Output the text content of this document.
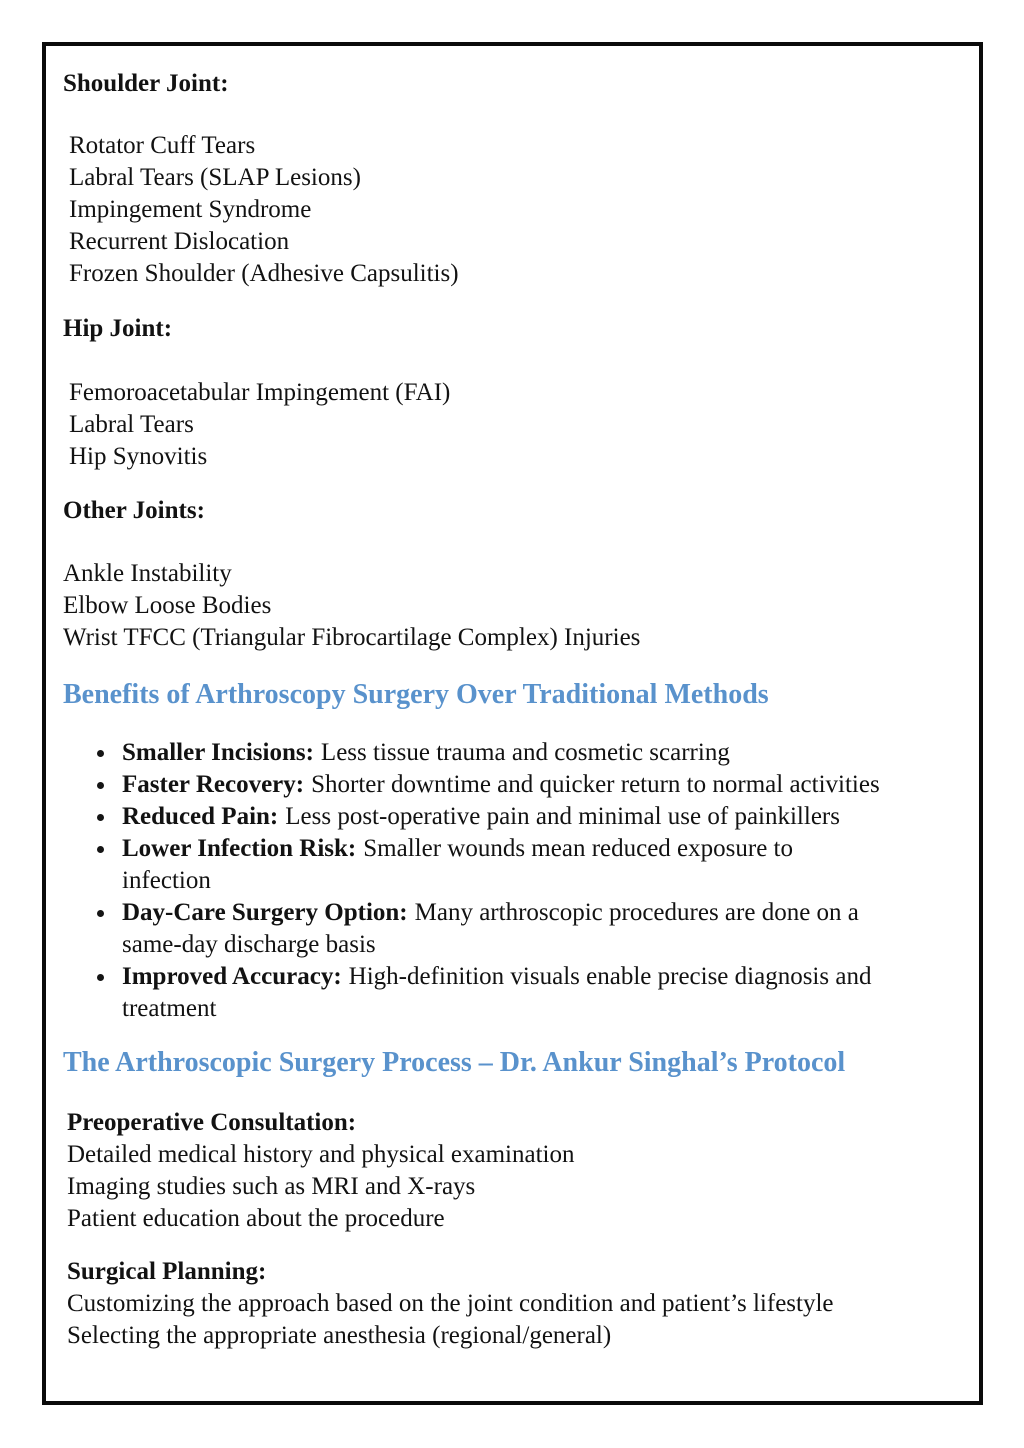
Shoulder Joint:
Rotator Cuff Tears
Labral Tears (SLAP Lesions)
Impingement Syndrome
Recurrent Dislocation
Frozen Shoulder (Adhesive Capsulitis)
Hip Joint:
Femoroacetabular Impingement (FAI)
Labral Tears
Hip Synovitis
Other Joints:
Ankle Instability
Elbow Loose Bodies
Wrist TFCC (Triangular Fibrocartilage Complex) Injuries
Benefits of Arthroscopy Surgery Over Traditional Methods
Smaller Incisions: Less tissue trauma and cosmetic scarring
Faster Recovery: Shorter downtime and quicker return to normal activities
Reduced Pain: Less post-operative pain and minimal use of painkillers
Lower Infection Risk: Smaller wounds mean reduced exposure to
infection
Day-Care Surgery Option: Many arthroscopic procedures are done on a
same-day discharge basis
Improved Accuracy: High-definition visuals enable precise diagnosis and
treatment
The Arthroscopic Surgery Process – Dr. Ankur Singhal’s Protocol
Preoperative Consultation:
Detailed medical history and physical examination
Imaging studies such as MRI and X-rays
Patient education about the procedure
Surgical Planning:
Customizing the approach based on the joint condition and patient’s lifestyle
Selecting the appropriate anesthesia (regional/general)
